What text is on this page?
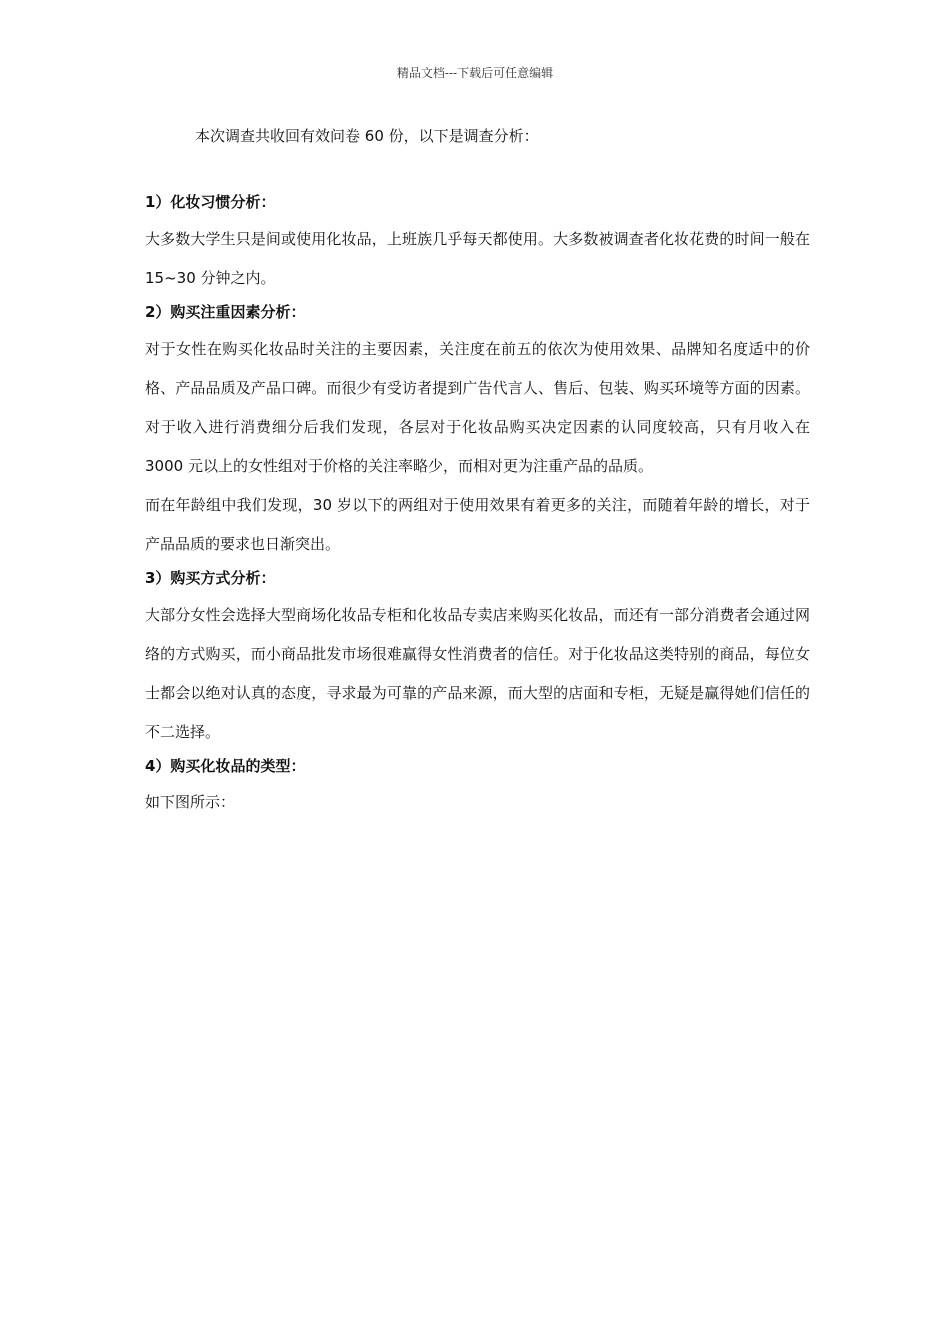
精品文档---下载后可任意编辑

本次调查共收回有效问卷 60 份，以下是调查分析：

1）化妆习惯分析：

大多数大学生只是间或使用化妆品，上班族几乎每天都使用。大多数被调查者化妆花费的时间一般在 15~30 分钟之内。

2）购买注重因素分析：

对于女性在购买化妆品时关注的主要因素，关注度在前五的依次为使用效果、品牌知名度适中的价格、产品品质及产品口碑。而很少有受访者提到广告代言人、售后、包装、购买环境等方面的因素。对于收入进行消费细分后我们发现，各层对于化妆品购买决定因素的认同度较高，只有月收入在 3000 元以上的女性组对于价格的关注率略少，而相对更为注重产品的品质。

而在年龄组中我们发现，30 岁以下的两组对于使用效果有着更多的关注，而随着年龄的增长，对于产品品质的要求也日渐突出。

3）购买方式分析：

大部分女性会选择大型商场化妆品专柜和化妆品专卖店来购买化妆品，而还有一部分消费者会通过网络的方式购买，而小商品批发市场很难赢得女性消费者的信任。对于化妆品这类特别的商品，每位女士都会以绝对认真的态度，寻求最为可靠的产品来源，而大型的店面和专柜，无疑是赢得她们信任的不二选择。

4）购买化妆品的类型：

如下图所示：
